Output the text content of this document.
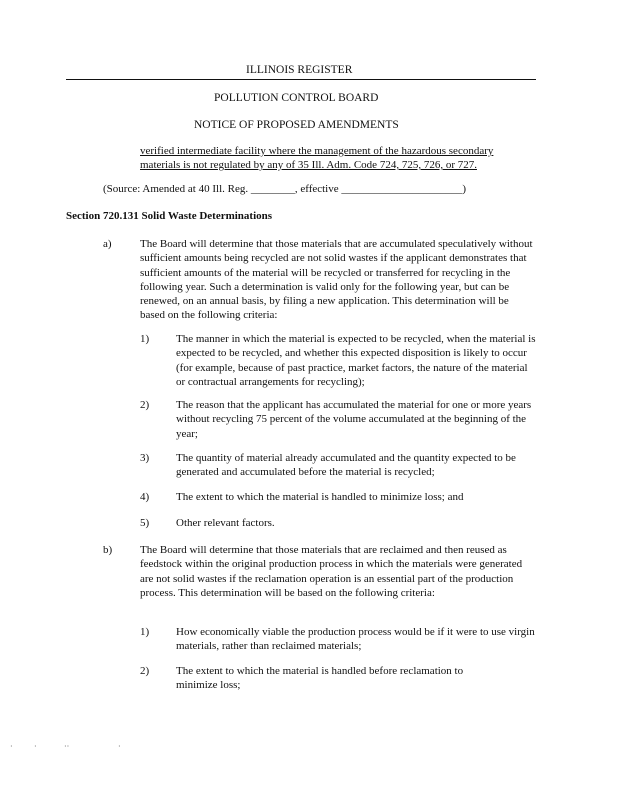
ILLINOIS REGISTER
POLLUTION CONTROL BOARD
NOTICE OF PROPOSED AMENDMENTS
verified intermediate facility where the management of the hazardous secondary
materials is not regulated by any of 35 Ill. Adm. Code 724, 725, 726, or 727.
(Source: Amended at 40 Ill. Reg. ________, effective ______________________)
Section 720.131 Solid Waste Determinations
a)	The Board will determine that those materials that are accumulated speculatively without sufficient amounts being recycled are not solid wastes if the applicant demonstrates that sufficient amounts of the material will be recycled or transferred for recycling in the following year. Such a determination is valid only for the following year, but can be renewed, on an annual basis, by filing a new application. This determination will be based on the following criteria:
1) The manner in which the material is expected to be recycled, when the material is expected to be recycled, and whether this expected disposition is likely to occur (for example, because of past practice, market factors, the nature of the material or contractual arrangements for recycling);
2) The reason that the applicant has accumulated the material for one or more years without recycling 75 percent of the volume accumulated at the beginning of the year;
3) The quantity of material already accumulated and the quantity expected to be generated and accumulated before the material is recycled;
4) The extent to which the material is handled to minimize loss; and
5) Other relevant factors.
b)	The Board will determine that those materials that are reclaimed and then reused as feedstock within the original production process in which the materials were generated are not solid wastes if the reclamation operation is an essential part of the production process. This determination will be based on the following criteria:
1) How economically viable the production process would be if it were to use virgin materials, rather than reclaimed materials;
2) The extent to which the material is handled before reclamation to minimize loss;
·	·	··	·
